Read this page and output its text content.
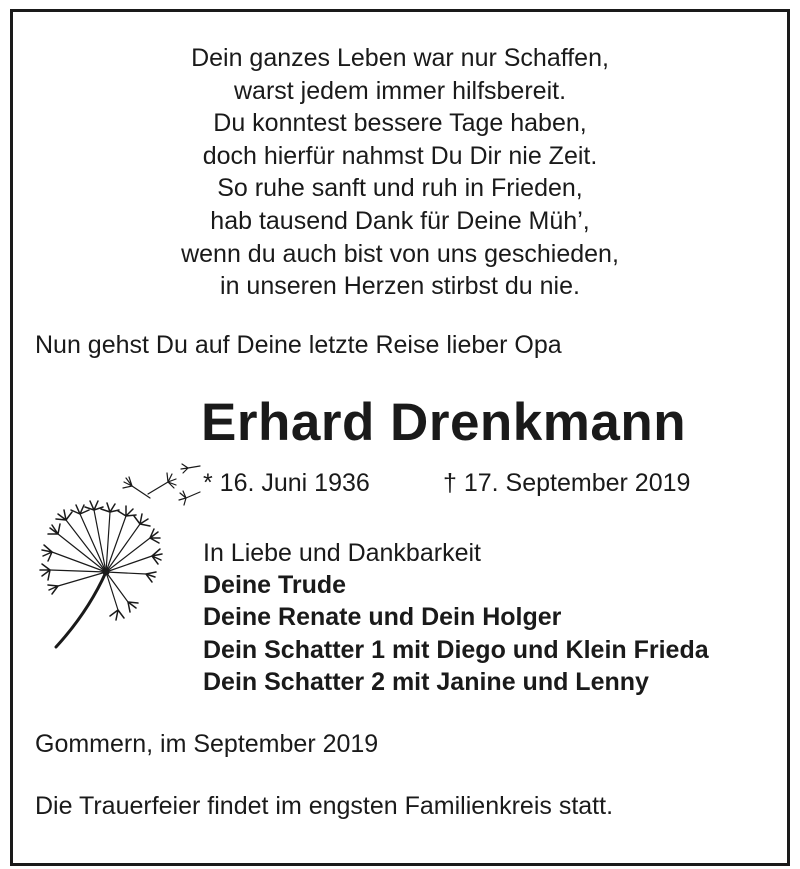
Dein ganzes Leben war nur Schaffen,
warst jedem immer hilfsbereit.
Du konntest bessere Tage haben,
doch hierfür nahmst Du Dir nie Zeit.
So ruhe sanft und ruh in Frieden,
hab tausend Dank für Deine Müh’,
wenn du auch bist von uns geschieden,
in unseren Herzen stirbst du nie.
Nun gehst Du auf Deine letzte Reise lieber Opa
Erhard Drenkmann
* 16. Juni 1936	† 17. September 2019
In Liebe und Dankbarkeit
Deine Trude
Deine Renate und Dein Holger
Dein Schatter 1 mit Diego und Klein Frieda
Dein Schatter 2 mit Janine und Lenny
Gommern, im September 2019
Die Trauerfeier findet im engsten Familienkreis statt.
